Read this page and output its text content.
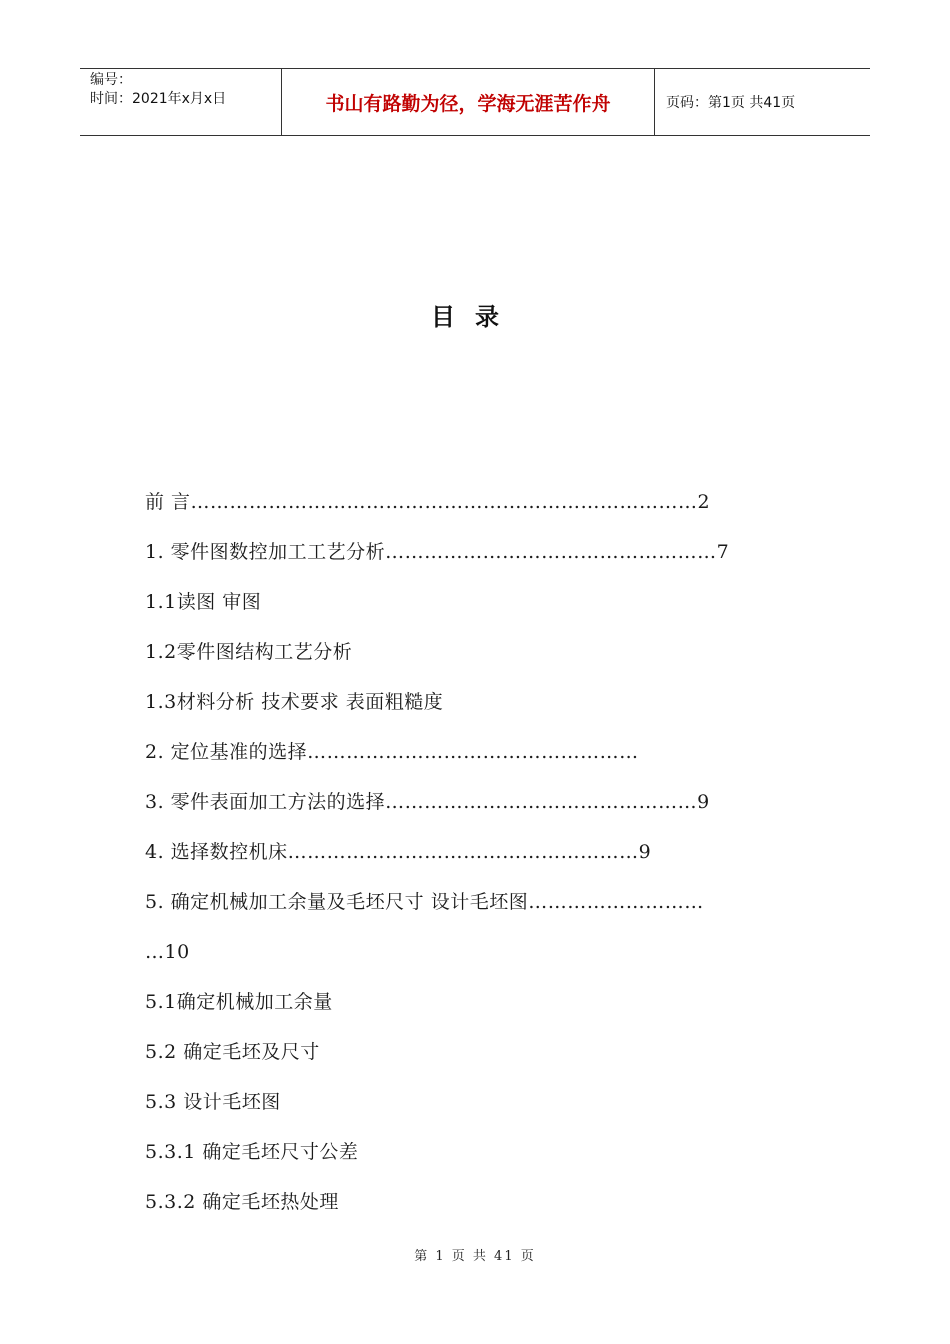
编号：
时间：2021年x月x日	书山有路勤为径，学海无涯苦作舟	页码：第1页 共41页
目录
前 言……………………………………………………………………2
1. 零件图数控加工工艺分析……………………………………………7
1.1读图 审图
1.2零件图结构工艺分析
1.3材料分析 技术要求 表面粗糙度
2. 定位基准的选择……………………………………………
3. 零件表面加工方法的选择…………………………………………9
4. 选择数控机床………………………………………………9
5. 确定机械加工余量及毛坯尺寸 设计毛坯图………………………
…10
5.1确定机械加工余量
5.2 确定毛坯及尺寸
5.3 设计毛坯图
5.3.1 确定毛坯尺寸公差
5.3.2 确定毛坯热处理
第 1 页 共 41 页
